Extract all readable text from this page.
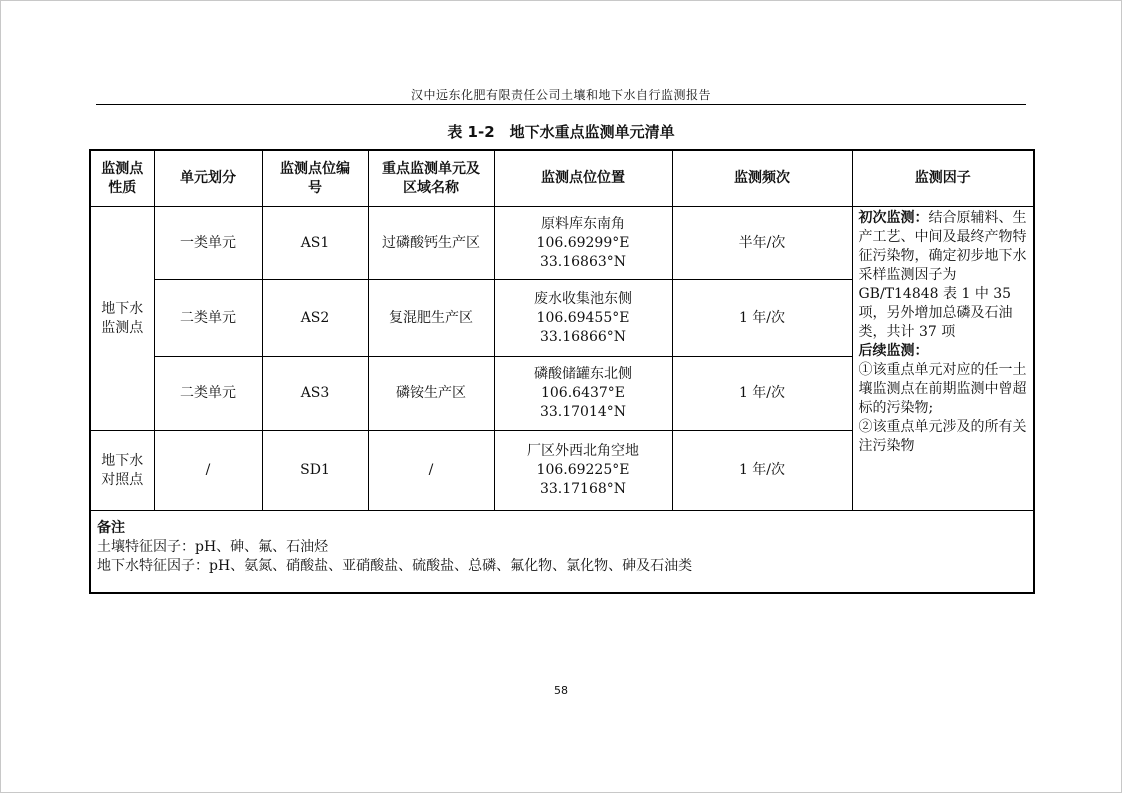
汉中远东化肥有限责任公司土壤和地下水自行监测报告
表 1-2　地下水重点监测单元清单
监测点
性质	单元划分	监测点位编
号	重点监测单元及
区域名称	监测点位位置	监测频次	监测因子

地下水
监测点	一类单元	AS1	过磷酸钙生产区	原料库东南角
106.69299°E
33.16863°N	半年/次	初次监测：结合原辅料、生产工艺、中间及最终产物特征污染物，确定初步地下水采样监测因子为 GB/T14848 表 1 中 35 项，另外增加总磷及石油类，共计 37 项
后续监测：
①该重点单元对应的任一土壤监测点在前期监测中曾超标的污染物;
②该重点单元涉及的所有关注污染物

	二类单元	AS2	复混肥生产区	废水收集池东侧
106.69455°E
33.16866°N	1 年/次	
	二类单元	AS3	磷铵生产区	磷酸储罐东北侧
106.6437°E
33.17014°N	1 年/次	

地下水
对照点	/	SD1	/	厂区外西北角空地
106.69225°E
33.17168°N	1 年/次	

备注
土壤特征因子：pH、砷、氟、石油烃
地下水特征因子：pH、氨氮、硝酸盐、亚硝酸盐、硫酸盐、总磷、氟化物、氯化物、砷及石油类						
58
